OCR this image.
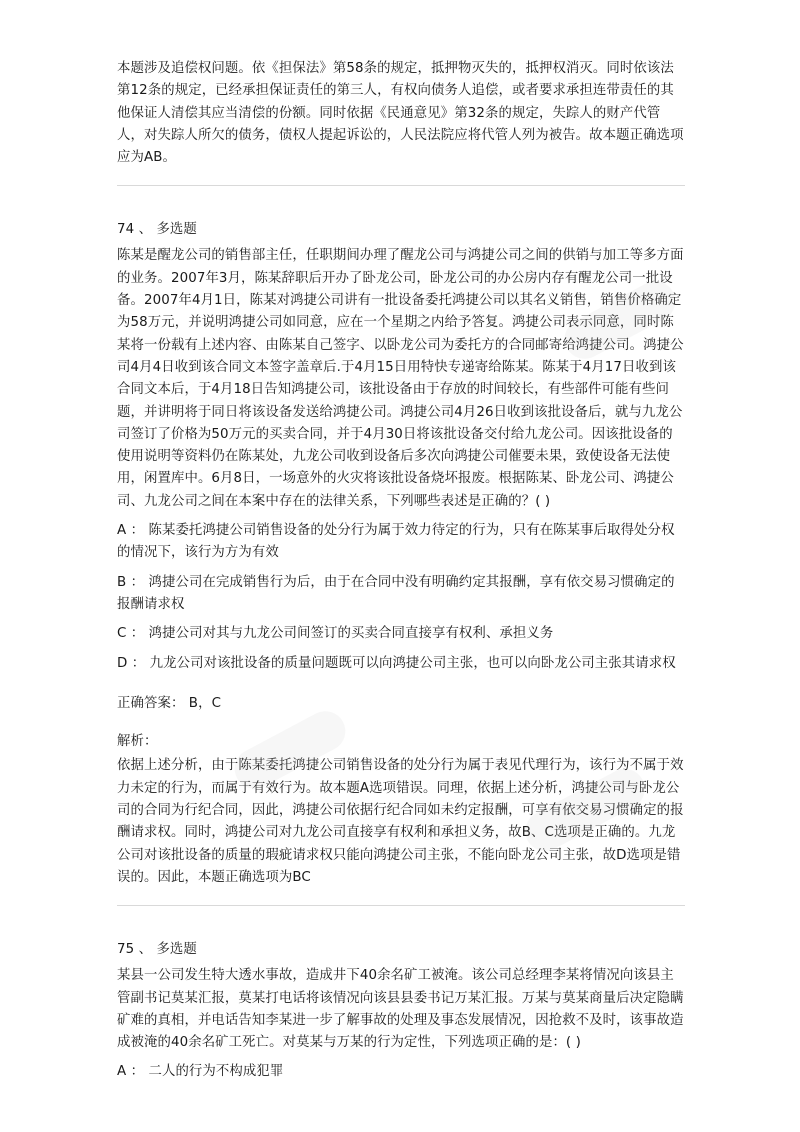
本题涉及追偿权问题。依《担保法》第58条的规定，抵押物灭失的，抵押权消灭。同时依该法第12条的规定，已经承担保证责任的第三人，有权向债务人追偿，或者要求承担连带责任的其他保证人清偿其应当清偿的份额。同时依据《民通意见》第32条的规定，失踪人的财产代管人，对失踪人所欠的债务，债权人提起诉讼的，人民法院应将代管人列为被告。故本题正确选项应为AB。

74 、 多选题

陈某是醒龙公司的销售部主任，任职期间办理了醒龙公司与鸿捷公司之间的供销与加工等多方面的业务。2007年3月，陈某辞职后开办了卧龙公司，卧龙公司的办公房内存有醒龙公司一批设备。2007年4月1日，陈某对鸿捷公司讲有一批设备委托鸿捷公司以其名义销售，销售价格确定为58万元，并说明鸿捷公司如同意，应在一个星期之内给予答复。鸿捷公司表示同意，同时陈某将一份载有上述内容、由陈某自己签字、以卧龙公司为委托方的合同邮寄给鸿捷公司。鸿捷公司4月4日收到该合同文本签字盖章后.于4月15日用特快专递寄给陈某。陈某于4月17日收到该合同文本后，于4月18日告知鸿捷公司，该批设备由于存放的时间较长，有些部件可能有些问题，并讲明将于同日将该设备发送给鸿捷公司。鸿捷公司4月26日收到该批设备后，就与九龙公司签订了价格为50万元的买卖合同，并于4月30日将该批设备交付给九龙公司。因该批设备的使用说明等资料仍在陈某处，九龙公司收到设备后多次向鸿捷公司催要未果，致使设备无法使用，闲置库中。6月8日，一场意外的火灾将该批设备烧坏报废。根据陈某、卧龙公司、鸿捷公司、九龙公司之间在本案中存在的法律关系，下列哪些表述是正确的？( )

A ： 陈某委托鸿捷公司销售设备的处分行为属于效力待定的行为，只有在陈某事后取得处分权的情况下，该行为方为有效

B ： 鸿捷公司在完成销售行为后，由于在合同中没有明确约定其报酬，享有依交易习惯确定的报酬请求权

C ： 鸿捷公司对其与九龙公司间签订的买卖合同直接享有权利、承担义务

D ： 九龙公司对该批设备的质量问题既可以向鸿捷公司主张，也可以向卧龙公司主张其请求权

正确答案： B，C

解析：

依据上述分析，由于陈某委托鸿捷公司销售设备的处分行为属于表见代理行为，该行为不属于效力未定的行为，而属于有效行为。故本题A选项错误。同理，依据上述分析，鸿捷公司与卧龙公司的合同为行纪合同，因此，鸿捷公司依据行纪合同如未约定报酬，可享有依交易习惯确定的报酬请求权。同时，鸿捷公司对九龙公司直接享有权利和承担义务，故B、C选项是正确的。九龙公司对该批设备的质量的瑕疵请求权只能向鸿捷公司主张，不能向卧龙公司主张，故D选项是错误的。因此，本题正确选项为BC

75 、 多选题

某县一公司发生特大透水事故，造成井下40余名矿工被淹。该公司总经理李某将情况向该县主管副书记莫某汇报，莫某打电话将该情况向该县县委书记万某汇报。万某与莫某商量后决定隐瞒矿难的真相，并电话告知李某进一步了解事故的处理及事态发展情况，因抢救不及时，该事故造成被淹的40余名矿工死亡。对莫某与万某的行为定性，下列选项正确的是：( )

A ： 二人的行为不构成犯罪
